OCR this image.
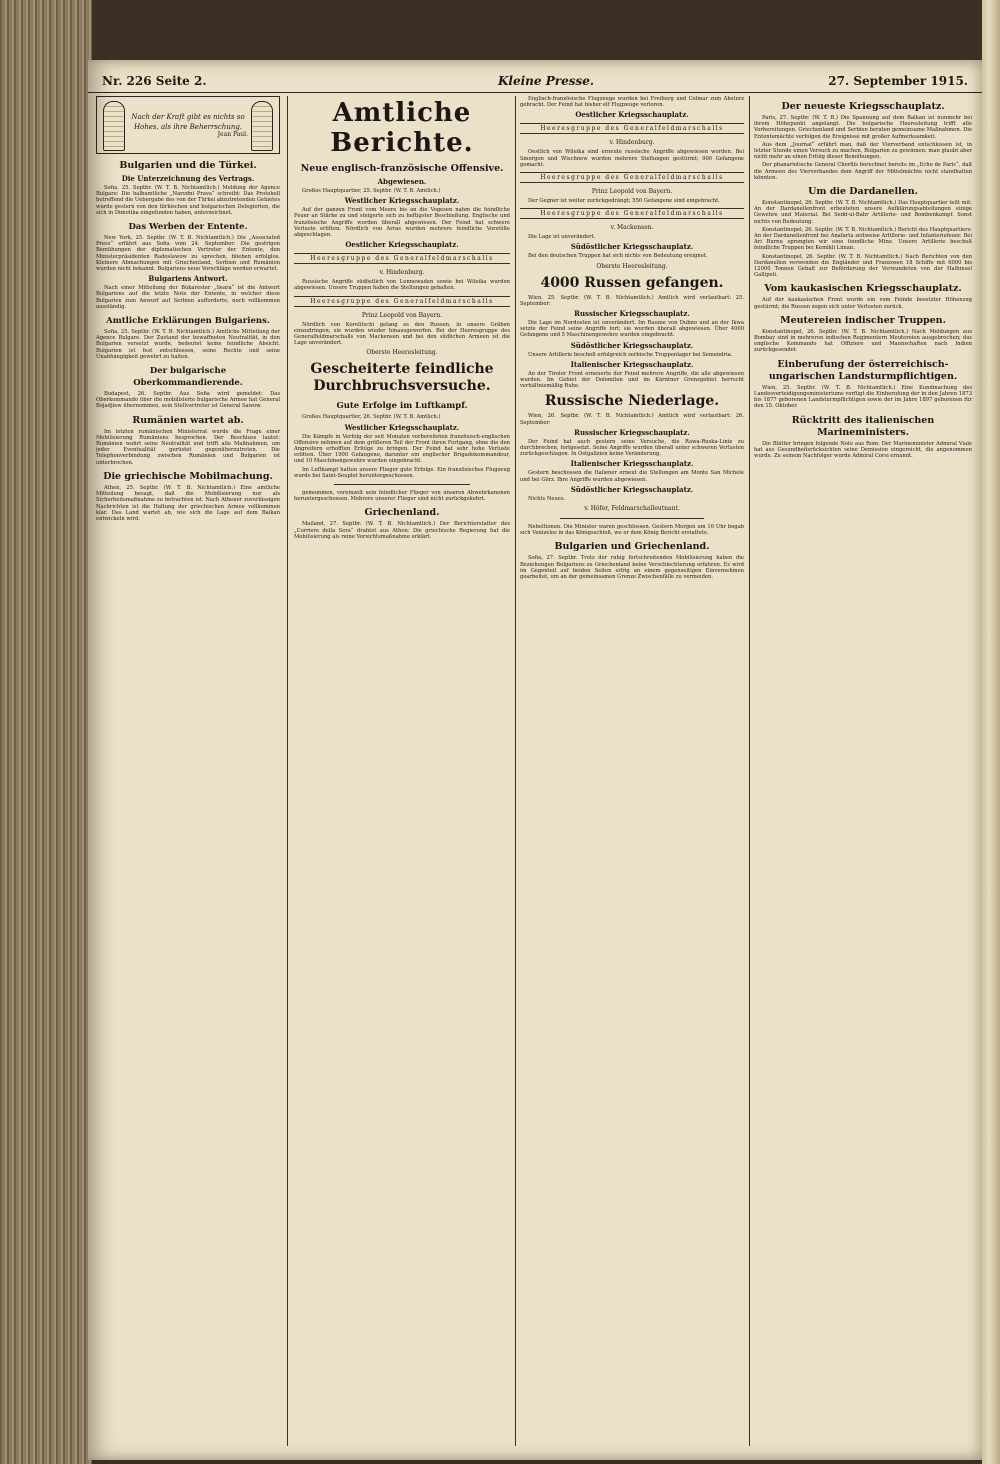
Nr. 226 Seite 2.	Kleine Presse.	27. September 1915.
Nach der Kraft gibt es nichts so Hohes, als ihre Beherrschung.
Jean Paul.
Bulgarien und die Türkei.
Die Unterzeichnung des Vertrags.

Sofia, 25. Septbr. (W. T. B. Nichtamtlich.) Meldung der Agence Bulgare: Die halbamtliche „Narodni Prava“ schreibt: Das Protokoll betreffend die Uebergabe des von der Türkei abzutretenden Gebietes wurde gestern von den türkischen und bulgarischen Delegierten, die sich in Dimotika eingefunden haben, unterzeichnet.

Das Werben der Entente.

New York, 25. Septbr. (W. T. B. Nichtamtlich.) Die „Associated Press“ erfährt aus Sofia vom 24. September: Die gestrigen Bemühungen der diplomatischen Vertreter der Entente, den Ministerpräsidenten Radoslawow zu sprechen, blieben erfolglos. Kleinere Abmachungen mit Griechenland, Serbien und Rumänien wurden nicht bekannt. Bulgariens neue Vorschläge werden erwartet.

Bulgariens Antwort.

Nach einer Mitteilung der Bukarester „Seara“ ist die Antwort Bulgariens auf die letzte Note der Entente, in welcher diese Bulgarien zum Anwurf auf Serbien aufforderte, noch vollkommen ausständig.

Amtliche Erklärungen Bulgariens.

Sofia, 25. Septbr. (W. T. B. Nichtamtlich.) Amtliche Mitteilung der Agence Bulgare. Der Zustand der bewaffneten Neutralität, in den Bulgarien versetzt wurde, bedeutet keine feindliche Absicht. Bulgarien ist fest entschlossen, seine Rechte und seine Unabhängigkeit gewehrt zu halten.

Der bulgarische Oberkommandierende.

Budapest, 26. Septbr. Aus Sofia wird gemeldet: Das Oberkommando über die mobilisierte bulgarische Armee hat General Bojadjiew übernommen, sein Stellvertreter ist General Sawow.

Rumänien wartet ab.

Im letzten rumänischen Ministerrat wurde die Frage einer Mobilisierung Rumäniens besprochen. Der Beschluss lautet: Rumänien wahrt seine Neutralität und trifft alle Maßnahmen, um jeder Eventualität gerüstet gegenüberzutreten. Die Telephonverbindung zwischen Rumänien und Bulgarien ist unterbrochen.

Die griechische Mobilmachung.

Athen, 25. Septbr. (W. T. B. Nichtamtlich.) Eine amtliche Mitteilung besagt, daß die Mobilisierung nur als Sicherheitsmaßnahme zu betrachten ist. Nach Athener zuverlässigen Nachrichten ist die Haltung der griechischen Armee vollkommen klar. Das Land wartet ab, wie sich die Lage auf dem Balkan entwickeln wird.

Amtliche Berichte.
Neue englisch-französische Offensive.
Abgewiesen.

Großes Hauptquartier, 25. Septbr. (W. T. B. Amtlich.)

Westlicher Kriegsschauplatz.

Auf der ganzen Front vom Meere bis an die Vogesen nahm die feindliche Feuer an Stärke zu und steigerte sich zu heftigster Beschießung. Englische und französische Angriffe wurden überall abgewiesen. Der Feind hat schwere Verluste erlitten. Nördlich von Arras wurden mehrere feindliche Vorstöße abgeschlagen.

Oestlicher Kriegsschauplatz.
Heeresgruppe des Generalfeldmarschalls
v. Hindenburg.

Russische Angriffe südöstlich von Lennewaden sowie bei Wileika wurden abgewiesen. Unsere Truppen haben die Stellungen gehalten.

Heeresgruppe des Generalfeldmarschalls
Prinz Leopold von Bayern.

Nördlich von Korelitschi gelang es den Russen, in unsere Gräben einzudringen; sie wurden wieder hinausgeworfen. Bei der Heeresgruppe des Generalfeldmarschalls von Mackensen und bei den südlichen Armeen ist die Lage unverändert.

Oberste Heeresleitung.
Gescheiterte feindliche Durchbruchsversuche.
Gute Erfolge im Luftkampf.

Großes Hauptquartier, 26. Septbr. (W. T. B. Amtlich.)

Westlicher Kriegsschauplatz.

Die Kämpfe in Verfolg der seit Monaten vorbereiteten französisch-englischen Offensive nehmen auf dem größeren Teil der Front ihren Fortgang, ohne die den Angreifern erhofften Erfolge zu bringen. Der Feind hat sehr hohe Verluste erlitten. Über 1900 Gefangene, darunter ein englischer Brigadekommandeur, und 10 Maschinengewehre wurden eingebracht.

Im Luftkampf hatten unsere Flieger gute Erfolge. Ein französisches Flugzeug wurde bei Saint-Souplet heruntergeschossen.

gemommen, vereinzelt sein feindlicher Flieger von unseren Abwehrkanonen heruntergeschossen. Mehrere unserer Flieger sind nicht zurückgekehrt.

Griechenland.

Mailand, 27. Septbr. (W. T. B. Nichtamtlich.) Der Berichterstatter des „Corriere della Sera“ drahtet aus Athen: Die griechische Regierung hat die Mobilisierung als reine Vorsichtsmaßnahme erklärt.

Englisch-französische Flugzeuge wurden bei Freiburg und Colmar zum Absturz gebracht. Der Feind hat bisher elf Flugzeuge verloren.

Oestlicher Kriegsschauplatz.
Heeresgruppe des Generalfeldmarschalls
v. Hindenburg.

Oestlich von Wileika sind erneute russische Angriffe abgewiesen worden. Bei Smorgon und Wischnew wurden mehrere Stellungen gestürmt; 900 Gefangene gemacht.

Heeresgruppe des Generalfeldmarschalls
Prinz Leopold von Bayern.

Der Gegner ist weiter zurückgedrängt; 550 Gefangene sind eingebracht.

Heeresgruppe des Generalfeldmarschalls
v. Mackensen.

Die Lage ist unverändert.

Südöstlicher Kriegsschauplatz.

Bei den deutschen Truppen hat sich nichts von Bedeutung ereignet.

Oberste Heeresleitung.
4000 Russen gefangen.

Wien, 25. Septbr. (W. T. B. Nichtamtlich.) Amtlich wird verlautbart: 25. September:

Russischer Kriegsschauplatz.

Die Lage im Nordosten ist unverändert. Im Raume von Dubno und an der Ikwa setzte der Feind seine Angriffe fort; sie wurden überall abgewiesen. Über 4000 Gefangene und 5 Maschinengewehre wurden eingebracht.

Südöstlicher Kriegsschauplatz.

Unsere Artillerie beschoß erfolgreich serbische Truppenlager bei Semendria.

Italienischer Kriegsschauplatz.

An der Tiroler Front erneuerte der Feind mehrere Angriffe, die alle abgewiesen wurden. Im Gebiet der Dolomiten und im Kärntner Grenzgebiet herrscht verhältnismäßig Ruhe.

Russische Niederlage.

Wien, 26. Septbr. (W. T. B. Nichtamtlich.) Amtlich wird verlautbart: 26. September:

Russischer Kriegsschauplatz.

Der Feind hat auch gestern seine Versuche, die Rawa-Ruska-Linie zu durchbrechen, fortgesetzt. Seine Angriffe wurden überall unter schweren Verlusten zurückgeschlagen. In Ostgalizien keine Veränderung.

Italienischer Kriegsschauplatz.

Gestern beschossen die Italiener erneut die Stellungen am Monte San Michele und bei Görz. Ihre Angriffe wurden abgewiesen.

Südöstlicher Kriegsschauplatz.

Nichts Neues.

v. Höfer, Feldmarschalleutnant.

Nebeltionen. Die Minister waren geschlossen. Gestern Morgen um 10 Uhr begab sich Venizelos in das Königsschloß, wo er dem König Bericht erstattete.

Bulgarien und Griechenland.

Sofia, 27. Septbr. Trotz der ruhig fortschreitenden Mobilisierung haben die Beziehungen Bulgariens zu Griechenland keine Verschlechterung erfahren. Es wird im Gegenteil auf beiden Seiten eifrig an einem gegenseitigen Einvernehmen gearbeitet, um an der gemeinsamen Grenze Zwischenfälle zu vermeiden.

Der neueste Kriegsschauplatz.

Paris, 27. Septbr. (W. T. B.) Die Spannung auf dem Balkan ist nunmehr bei ihrem Höhepunkt angelangt. Die bulgarische Heeresleitung trifft alle Vorbereitungen. Griechenland und Serbien beraten gemeinsame Maßnahmen. Die Ententemächte verfolgen die Ereignisse mit großer Aufmerksamkeit.

Aus dem „Journal“ erfährt man, daß der Vierverband entschlossen ist, in letzter Stunde einen Versuch zu machen, Bulgarien zu gewinnen; man glaubt aber nicht mehr an einen Erfolg dieser Bemühungen.

Der phanariotische General Cherfils berechnet bereits im „Echo de Paris“, daß die Armeen des Vierverbandes dem Angriff der Mittelmächte nicht standhalten könnten.

Um die Dardanellen.

Konstantinopel, 26. Septbr. (W. T. B. Nichtamtlich.) Das Hauptquartier teilt mit: An der Dardanellenfront erbeuteten unsere Aufklärungsabteilungen einige Gewehre und Material. Bei Sedd-ul-Bahr Artillerie- und Bombenkampf. Sonst nichts von Bedeutung.

Konstantinopel, 26. Septbr. (W. T. B. Nichtamtlich.) Bericht des Hauptquartiers: An der Dardanellenfront bei Anafarta zeitweise Artillerie- und Infanteriefeuer. Bei Ari Burnu sprengten wir eine feindliche Mine. Unsere Artillerie beschoß feindliche Truppen bei Kemikli Liman.

Konstantinopel, 26. Septbr. (W. T. B. Nichtamtlich.) Nach Berichten von den Dardanellen verwenden die Engländer und Franzosen 18 Schiffe mit 6000 bis 12000 Tonnen Gehalt zur Beförderung der Verwundeten von der Halbinsel Gallipoli.

Vom kaukasischen Kriegsschauplatz.

Auf der kaukasischen Front wurde ein vom Feinde besetzter Höhenzug gestürmt; die Russen zogen sich unter Verlusten zurück.

Meutereien indischer Truppen.

Konstantinopel, 26. Septbr. (W. T. B. Nichtamtlich.) Nach Meldungen aus Bombay sind in mehreren indischen Regimentern Meutereien ausgebrochen; das englische Kommando hat Offiziere und Mannschaften nach Indien zurückgesendet.

Einberufung der österreichisch-ungarischen Landsturmpflichtigen.

Wien, 25. Septbr. (W. T. B. Nichtamtlich.) Eine Kundmachung des Landesverteidigungsministeriums verfügt die Einberufung der in den Jahren 1873 bis 1877 geborenen Landsturmpflichtigen sowie der im Jahre 1897 geborenen für den 15. Oktober.

Rücktritt des italienischen Marineministers.

Die Blätter bringen folgende Note aus Rom: Der Marineminister Admiral Viale hat aus Gesundheitsrücksichten seine Demission eingereicht, die angenommen wurde. Zu seinem Nachfolger wurde Admiral Corsi ernannt.
